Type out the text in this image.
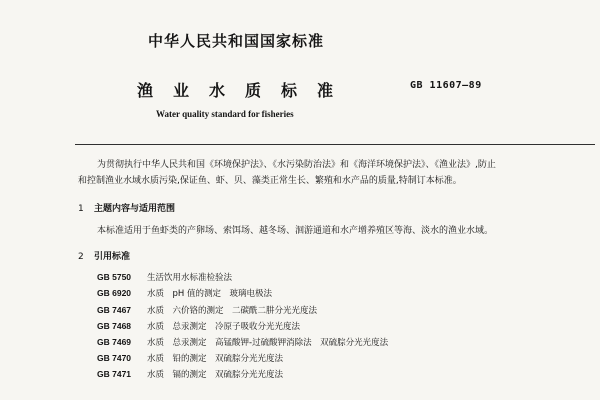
中华人民共和国国家标准
渔业水质标准	GB 11607—89
Water quality standard for fisheries
为贯彻执行中华人民共和国《环境保护法》、《水污染防治法》和《海洋环境保护法》、《渔业法》,防止
和控制渔业水域水质污染,保证鱼、虾、贝、藻类正常生长、繁殖和水产品的质量,特制订本标准。
1 主题内容与适用范围
本标准适用于鱼虾类的产卵场、索饵场、越冬场、洄游通道和水产增养殖区等海、淡水的渔业水域。
2 引用标准
GB 5750 生活饮用水标准检验法
GB 6920 水质　pH 值的测定　玻璃电极法
GB 7467 水质　六价铬的测定　二碳酰二肼分光光度法
GB 7468 水质　总汞测定　冷原子吸收分光光度法
GB 7469 水质　总汞测定　高锰酸钾-过硫酸钾消除法　双硫腙分光光度法
GB 7470 水质　铅的测定　双硫腙分光光度法
GB 7471 水质　镉的测定　双硫腙分光光度法
